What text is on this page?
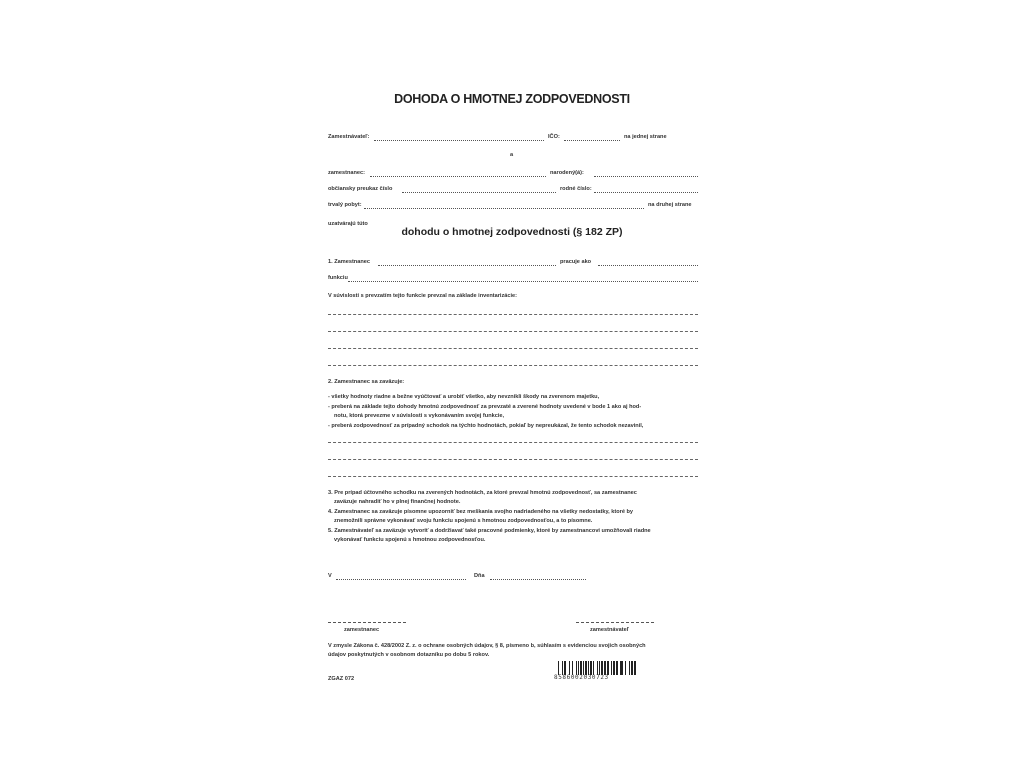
DOHODA O HMOTNEJ ZODPOVEDNOSTI
Zamestnávateľ:	IČO:	na jednej strane
a
zamestnanec:	narodený(á):
občiansky preukaz číslo	rodné číslo:
trvalý pobyt:	na druhej strane
uzatvárajú túto
dohodu o hmotnej zodpovednosti (§ 182 ZP)
1. Zamestnanec	pracuje ako
funkciu
V súvislosti s prevzatím tejto funkcie prevzal na základe inventarizácie:
2. Zamestnanec sa zaväzuje:
- všetky hodnoty riadne a bežne vyúčtovať a urobiť všetko, aby nevznikli škody na zverenom majetku,
- preberá na základe tejto dohody hmotnú zodpovednosť za prevzaté a zverené hodnoty uvedené v bode 1 ako aj hod-
notu, ktorá prevezme v súvislosti s vykonávaním svojej funkcie,
- preberá zodpovednosť za prípadný schodok na týchto hodnotách, pokiaľ by nepreukázal, že tento schodok nezavinil,
3. Pre prípad účtovného schodku na zverených hodnotách, za ktoré prevzal hmotnú zodpovednosť, sa zamestnanec
zaväzuje nahradiť ho v plnej finančnej hodnote.
4. Zamestnanec sa zaväzuje písomne upozorniť bez meškania svojho nadriadeného na všetky nedostatky, ktoré by
znemožnili správne vykonávať svoju funkciu spojenú s hmotnou zodpovednosťou, a to písomne.
5. Zamestnávateľ sa zaväzuje vytvoriť a dodržiavať také pracovné podmienky, ktoré by zamestnancovi umožňovali riadne
vykonávať funkciu spojenú s hmotnou zodpovednosťou.
V	Dňa
zamestnanec	zamestnávateľ
V zmysle Zákona č. 428/2002 Z. z. o ochrane osobných údajov, § 8, písmeno b, súhlasím s evidenciou svojich osobných
údajov poskytnutých v osobnom dotazníku po dobu 5 rokov.
ZGAZ 072	8586002030723
